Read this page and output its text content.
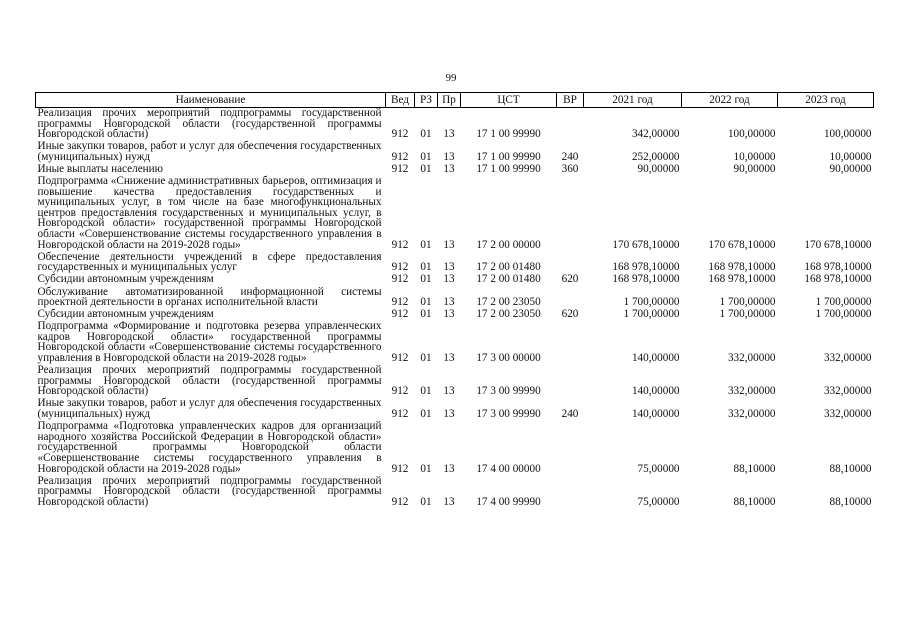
99
Наименование	Вед	РЗ	Пр	ЦСТ	ВР	2021 год	2022 год	2023 год
Реализация прочих мероприятий подпрограммы государственной программы Новгородской области (государственной программы Новгородской области)	912	01	13	17 1 00 99990		342,00000	100,00000	100,00000
Иные закупки товаров, работ и услуг для обеспечения государственных (муниципальных) нужд	912	01	13	17 1 00 99990	240	252,00000	10,00000	10,00000
Иные выплаты населению	912	01	13	17 1 00 99990	360	90,00000	90,00000	90,00000
Подпрограмма «Снижение административных барьеров, оптимизация и повышение качества предоставления государственных и муниципальных услуг, в том числе на базе многофункциональных центров предоставления государственных и муниципальных услуг, в Новгородской области» государственной программы Новгородской области «Совершенствование системы государственного управления в Новгородской области на 2019-2028 годы»	912	01	13	17 2 00 00000		170 678,10000	170 678,10000	170 678,10000
Обеспечение деятельности учреждений в сфере предоставления государственных и муниципальных услуг	912	01	13	17 2 00 01480		168 978,10000	168 978,10000	168 978,10000
Субсидии автономным учреждениям	912	01	13	17 2 00 01480	620	168 978,10000	168 978,10000	168 978,10000
Обслуживание автоматизированной информационной системы проектной деятельности в органах исполнительной власти	912	01	13	17 2 00 23050		1 700,00000	1 700,00000	1 700,00000
Субсидии автономным учреждениям	912	01	13	17 2 00 23050	620	1 700,00000	1 700,00000	1 700,00000
Подпрограмма «Формирование и подготовка резерва управленческих кадров Новгородской области» государственной программы Новгородской области «Совершенствование системы государственного управления в Новгородской области на 2019-2028 годы»	912	01	13	17 3 00 00000		140,00000	332,00000	332,00000
Реализация прочих мероприятий подпрограммы государственной программы Новгородской области (государственной программы Новгородской области)	912	01	13	17 3 00 99990		140,00000	332,00000	332,00000
Иные закупки товаров, работ и услуг для обеспечения государственных (муниципальных) нужд	912	01	13	17 3 00 99990	240	140,00000	332,00000	332,00000
Подпрограмма «Подготовка управленческих кадров для организаций народного хозяйства Российской Федерации в Новгородской области» государственной программы Новгородской области «Совершенствование системы государственного управления в Новгородской области на 2019-2028 годы»	912	01	13	17 4 00 00000		75,00000	88,10000	88,10000
Реализация прочих мероприятий подпрограммы государственной программы Новгородской области (государственной программы Новгородской области)	912	01	13	17 4 00 99990		75,00000	88,10000	88,10000
